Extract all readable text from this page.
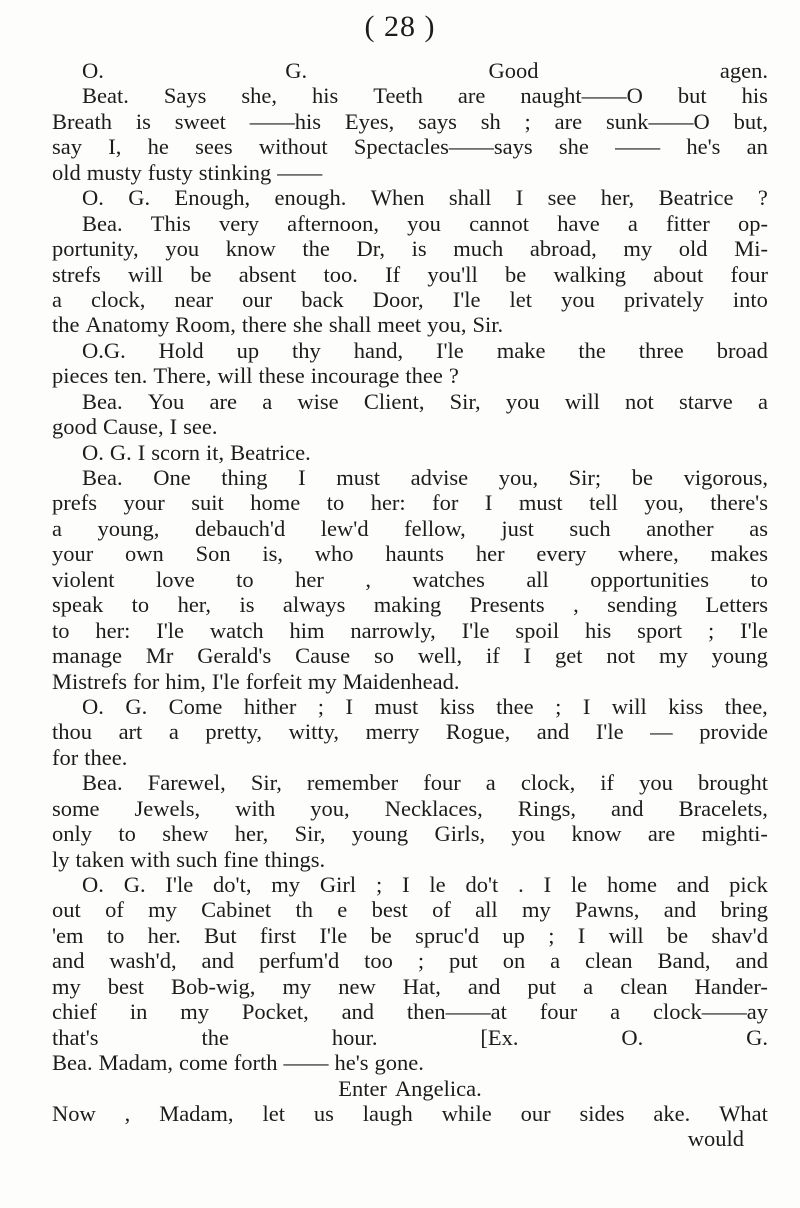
( 28 )
O.	G.	Good	agen.
Beat. Says she, his Teeth are naught——O but his
Breath is sweet ——his Eyes, says sh ; are sunk——O but,
say I, he sees without Spectacles——says she —— he's an
old musty fusty stinking ——
O. G. Enough, enough. When shall I see her, Beatrice ?
Bea. This very afternoon, you cannot have a fitter op-
portunity, you know the Dr, is much abroad, my old Mi-
strefs will be absent too. If you'll be walking about four
a clock, near our back Door, I'le let you privately into
the Anatomy Room, there she shall meet you, Sir.
O.G. Hold up thy hand, I'le make the three broad
pieces ten. There, will these incourage thee ?
Bea. You are a wise Client, Sir, you will not starve a
good Cause, I see.
O. G. I scorn it, Beatrice.
Bea. One thing I must advise you, Sir; be vigorous,
prefs your suit home to her: for I must tell you, there's
a young, debauch'd lew'd fellow, just such another as
your own Son is, who haunts her every where, makes
violent love to her , watches all opportunities to
speak to her, is always making Presents , sending Letters
to her: I'le watch him narrowly, I'le spoil his sport ; I'le
manage Mr Gerald's Cause so well, if I get not my young
Mistrefs for him, I'le forfeit my Maidenhead.
O. G. Come hither ; I must kiss thee ; I will kiss thee,
thou art a pretty, witty, merry Rogue, and I'le — provide
for thee.
Bea. Farewel, Sir, remember four a clock, if you brought
some Jewels, with you, Necklaces, Rings, and Bracelets,
only to shew her, Sir, young Girls, you know are mighti-
ly taken with such fine things.
O. G. I'le do't, my Girl ; I le do't . I le home and pick
out of my Cabinet th e best of all my Pawns, and bring
'em to her. But first I'le be spruc'd up ; I will be shav'd
and wash'd, and perfum'd too ; put on a clean Band, and
my best Bob-wig, my new Hat, and put a clean Hander-
chief in my Pocket, and then——at four a clock——ay
that's	the	hour.	[Ex.	O.	G.
Bea. Madam, come forth —— he's gone.
Enter Angelica.
Now , Madam, let us laugh while our sides ake. What
would
